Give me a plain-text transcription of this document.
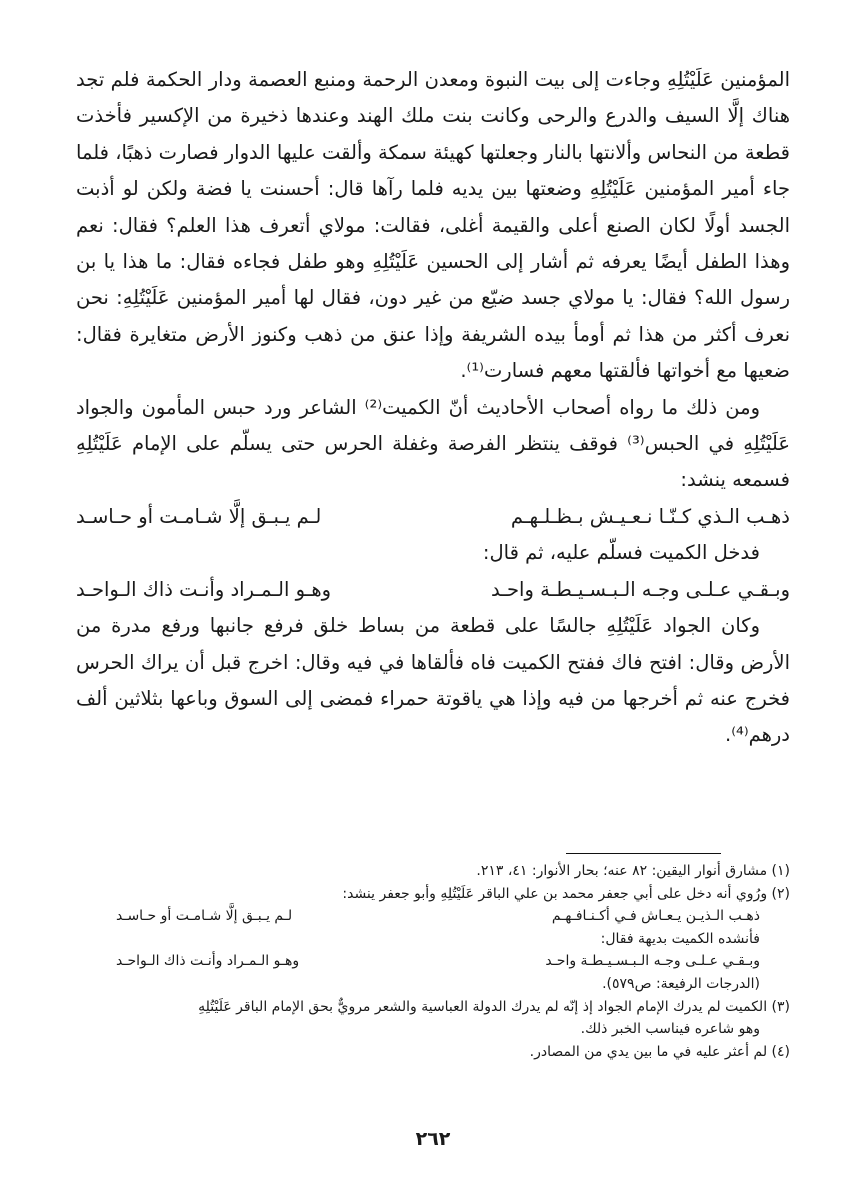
المؤمنين عَلَيْتُلِهِ وجاءت إلى بيت النبوة ومعدن الرحمة ومنبع العصمة ودار الحكمة فلم تجد هناك إلَّا السيف والدرع والرحى وكانت بنت ملك الهند وعندها ذخيرة من الإكسير فأخذت قطعة من النحاس وألانتها بالنار وجعلتها كهيئة سمكة وألقت عليها الدوار فصارت ذهبًا، فلما جاء أمير المؤمنين عَلَيْتُلِهِ وضعتها بين يديه فلما رآها قال: أحسنت يا فضة ولكن لو أذبت الجسد أولًا لكان الصنع أعلى والقيمة أغلى، فقالت: مولاي أتعرف هذا العلم؟ فقال: نعم وهذا الطفل أيضًا يعرفه ثم أشار إلى الحسين عَلَيْتُلِهِ وهو طفل فجاءه فقال: ما هذا يا بن رسول الله؟ فقال: يا مولاي جسد ضيّع من غير دون، فقال لها أمير المؤمنين عَلَيْتُلِهِ: نحن نعرف أكثر من هذا ثم أومأ بيده الشريفة وإذا عنق من ذهب وكنوز الأرض متغايرة فقال: ضعيها مع أخواتها فألقتها معهم فسارت⁽¹⁾.

ومن ذلك ما رواه أصحاب الأحاديث أنّ الكميت⁽²⁾ الشاعر ورد حبس المأمون والجواد عَلَيْتُلِهِ في الحبس⁽³⁾ فوقف ينتظر الفرصة وغفلة الحرس حتى يسلّم على الإمام عَلَيْتُلِهِ فسمعه ينشد:

ذهـب الـذي كـنّـا نـعـيـش بـظـلـهـم
لـم يـبـق إلَّا شـامـت أو حـاسـد

فدخل الكميت فسلّم عليه، ثم قال:

وبـقـي عـلـى وجـه الـبـسـيـطـة واحـد
وهـو الـمـراد وأنـت ذاك الـواحـد

وكان الجواد عَلَيْتُلِهِ جالسًا على قطعة من بساط خلق فرفع جانبها ورفع مدرة من الأرض وقال: افتح فاك ففتح الكميت فاه فألقاها في فيه وقال: اخرج قبل أن يراك الحرس فخرج عنه ثم أخرجها من فيه وإذا هي ياقوتة حمراء فمضى إلى السوق وباعها بثلاثين ألف درهم⁽⁴⁾.

(١) مشارق أنوار اليقين: ٨٢ عنه؛ بحار الأنوار: ٤١، ٢١٣.

(٢) ورُوي أنه دخل على أبي جعفر محمد بن علي الباقر عَلَيْتُلِهِ وأبو جعفر ينشد:

ذهـب الـذيـن يـعـاش فـي أكـنـافـهـم
لـم يـبـق إلَّا شـامـت أو حـاسـد

فأنشده الكميت بديهة فقال:

وبـقـي عـلـى وجـه الـبـسـيـطـة واحـد
وهـو الـمـراد وأنـت ذاك الـواحـد

(الدرجات الرفيعة: ص٥٧٩).

(٣) الكميت لم يدرك الإمام الجواد إذ إنّه لم يدرك الدولة العباسية والشعر مرويٌّ بحق الإمام الباقر عَلَيْتُلِهِ

وهو شاعره فيناسب الخبر ذلك.

(٤) لم أعثر عليه في ما بين يدي من المصادر.

٢٦٢
